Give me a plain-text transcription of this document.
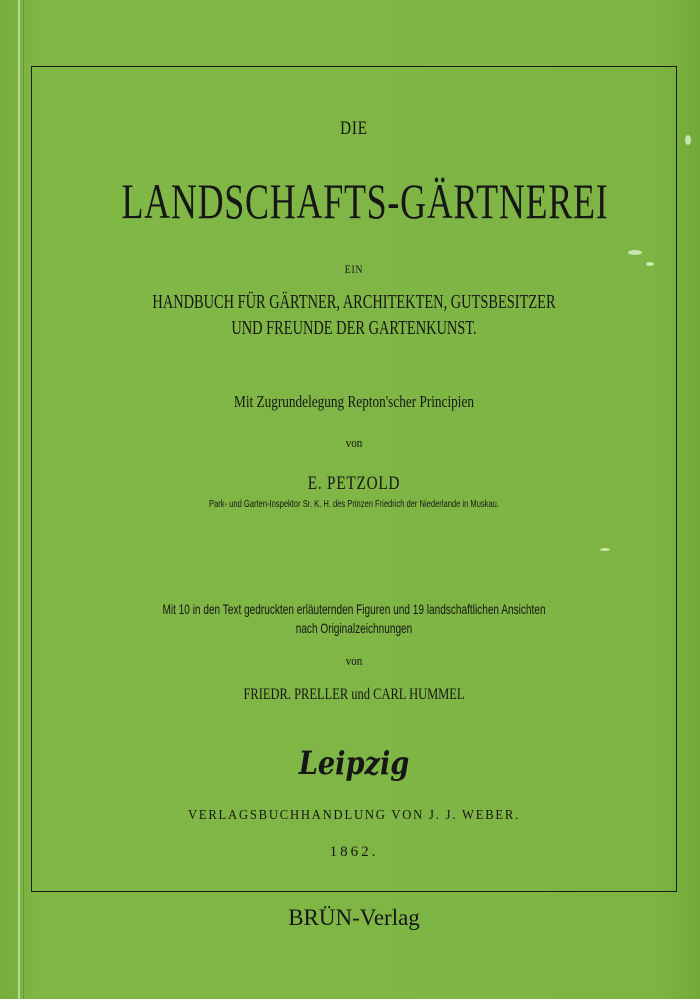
DIE
LANDSCHAFTS-GÄRTNEREI
EIN
HANDBUCH FÜR GÄRTNER, ARCHITEKTEN, GUTSBESITZER
UND FREUNDE DER GARTENKUNST.
Mit Zugrundelegung Repton'scher Principien
von
E. PETZOLD
Park- und Garten-Inspektor Sr. K. H. des Prinzen Friedrich der Niederlande in Muskau.
Mit 10 in den Text gedruckten erläuternden Figuren und 19 landschaftlichen Ansichten
nach Originalzeichnungen
von
FRIEDR. PRELLER und CARL HUMMEL
Leipzig
VERLAGSBUCHHANDLUNG VON J. J. WEBER.
1862.
BRÜN-Verlag
